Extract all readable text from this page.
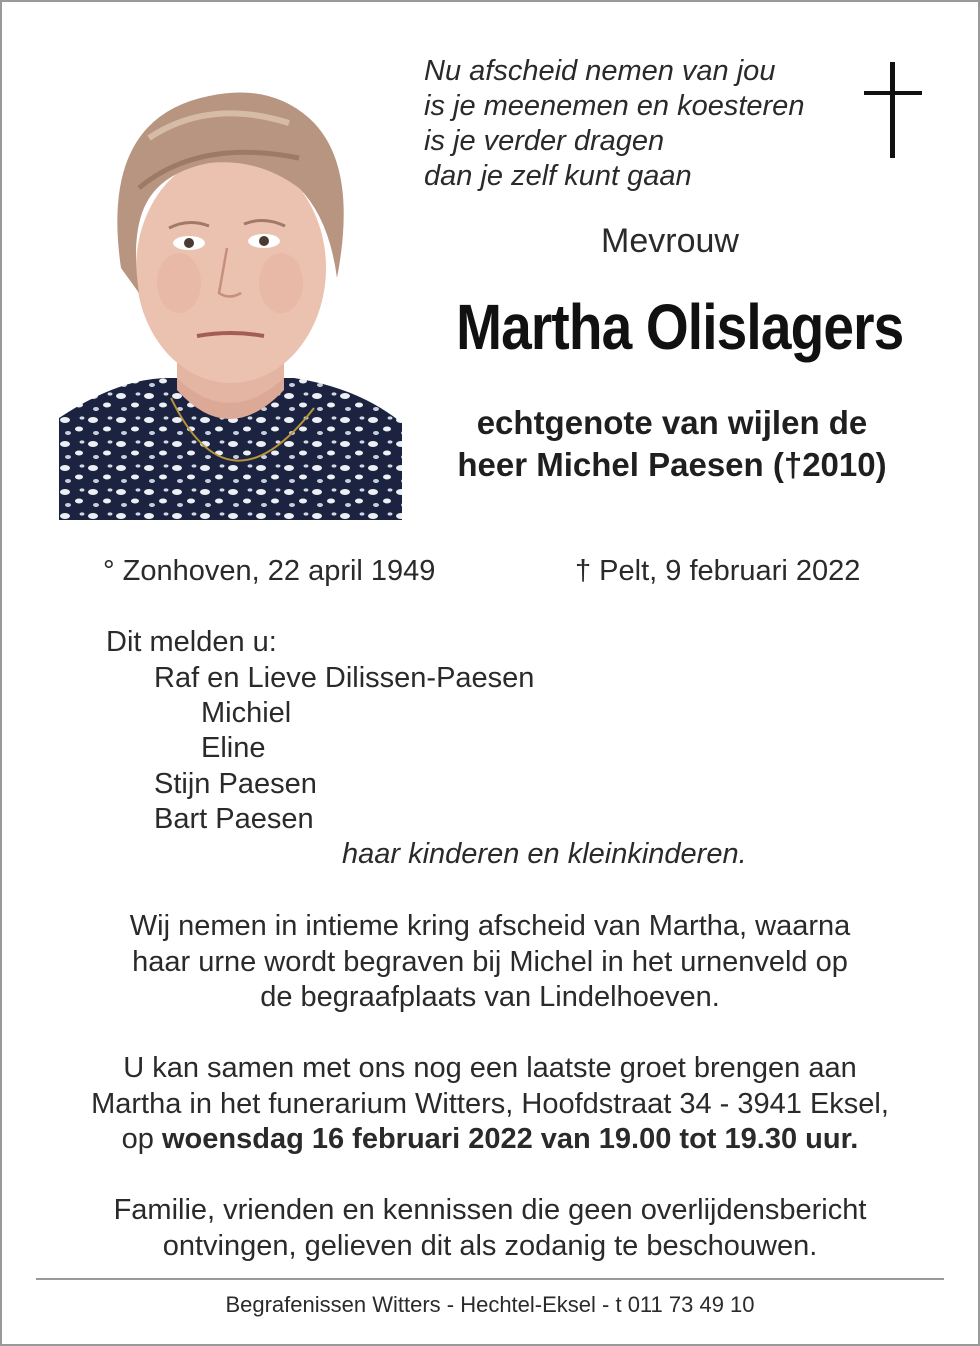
Nu afscheid nemen van jou
is je meenemen en koesteren
is je verder dragen
dan je zelf kunt gaan
Mevrouw
Martha Olislagers
echtgenote van wijlen de
heer Michel Paesen (†2010)
° Zonhoven, 22 april 1949	† Pelt, 9 februari 2022
Dit melden u:
Raf en Lieve Dilissen-Paesen
Michiel
Eline
Stijn Paesen
Bart Paesen
haar kinderen en kleinkinderen.
Wij nemen in intieme kring afscheid van Martha, waarna
haar urne wordt begraven bij Michel in het urnenveld op
de begraafplaats van Lindelhoeven.
U kan samen met ons nog een laatste groet brengen aan
Martha in het funerarium Witters, Hoofdstraat 34 - 3941 Eksel,
op woensdag 16 februari 2022 van 19.00 tot 19.30 uur.
Familie, vrienden en kennissen die geen overlijdensbericht
ontvingen, gelieven dit als zodanig te beschouwen.
Begrafenissen Witters - Hechtel-Eksel - t 011 73 49 10
